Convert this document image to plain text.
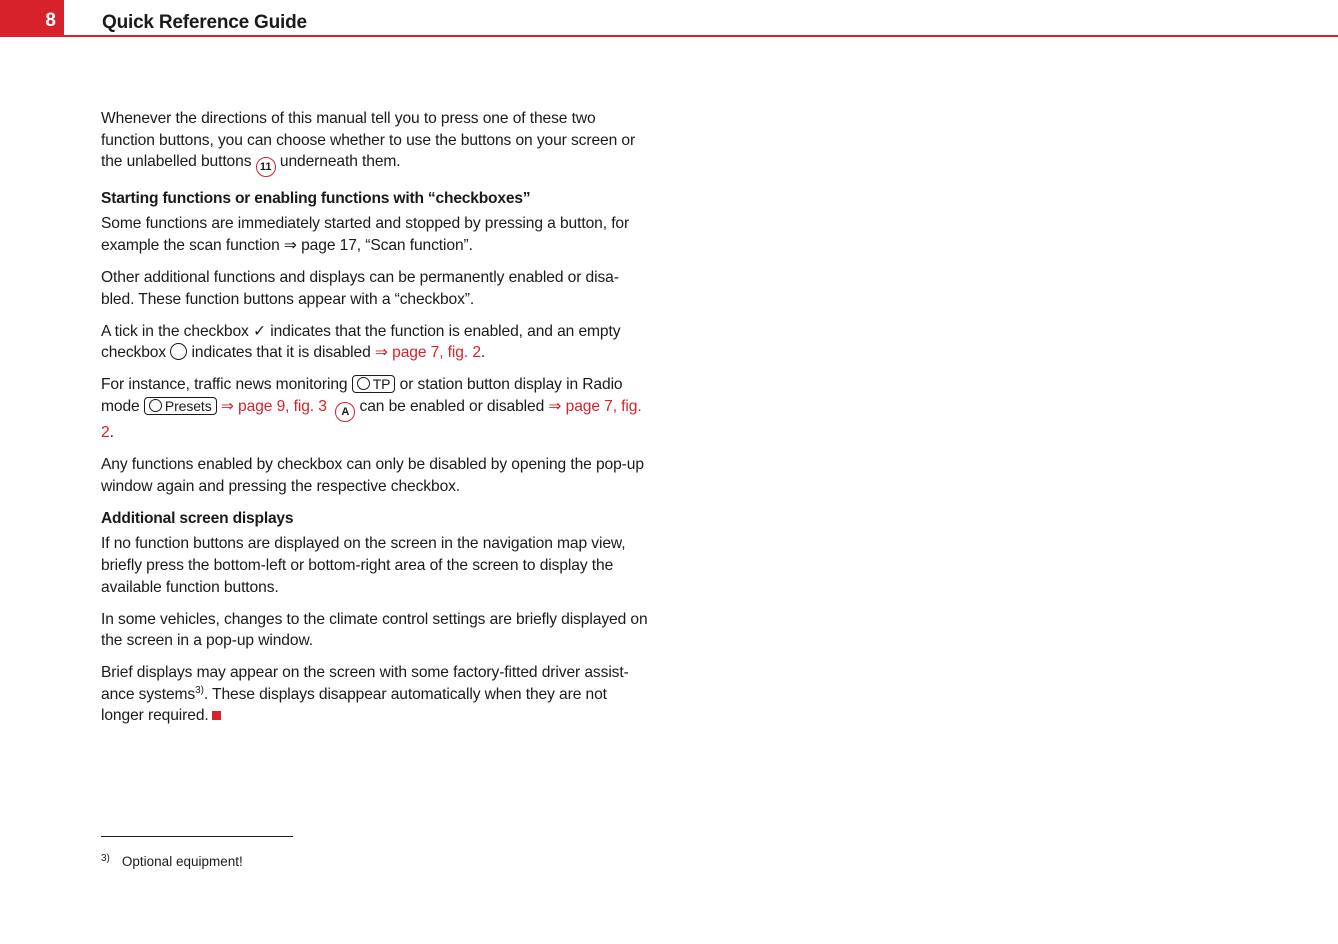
8 Quick Reference Guide

Whenever the directions of this manual tell you to press one of these two function buttons, you can choose whether to use the buttons on your screen or the unlabelled buttons 11 underneath them.

Starting functions or enabling functions with “checkboxes”

Some functions are immediately started and stopped by pressing a button, for example the scan function ⇒ page 17, “Scan function”.

Other additional functions and displays can be permanently enabled or disa-bled. These function buttons appear with a “checkbox”.

A tick in the checkbox ✓ indicates that the function is enabled, and an empty checkbox  indicates that it is disabled ⇒ page 7, fig. 2.

For instance, traffic news monitoring TP or station button display in Radio mode Presets ⇒ page 9, fig. 3 A can be enabled or disabled ⇒ page 7, fig. 2.

Any functions enabled by checkbox can only be disabled by opening the pop-up window again and pressing the respective checkbox.

Additional screen displays

If no function buttons are displayed on the screen in the navigation map view, briefly press the bottom-left or bottom-right area of the screen to display the available function buttons.

In some vehicles, changes to the climate control settings are briefly displayed on the screen in a pop-up window.

Brief displays may appear on the screen with some factory-fitted driver assist-ance systems$^{3)}$. These displays disappear automatically when they are not longer required.

$^{3)}$ Optional equipment!
